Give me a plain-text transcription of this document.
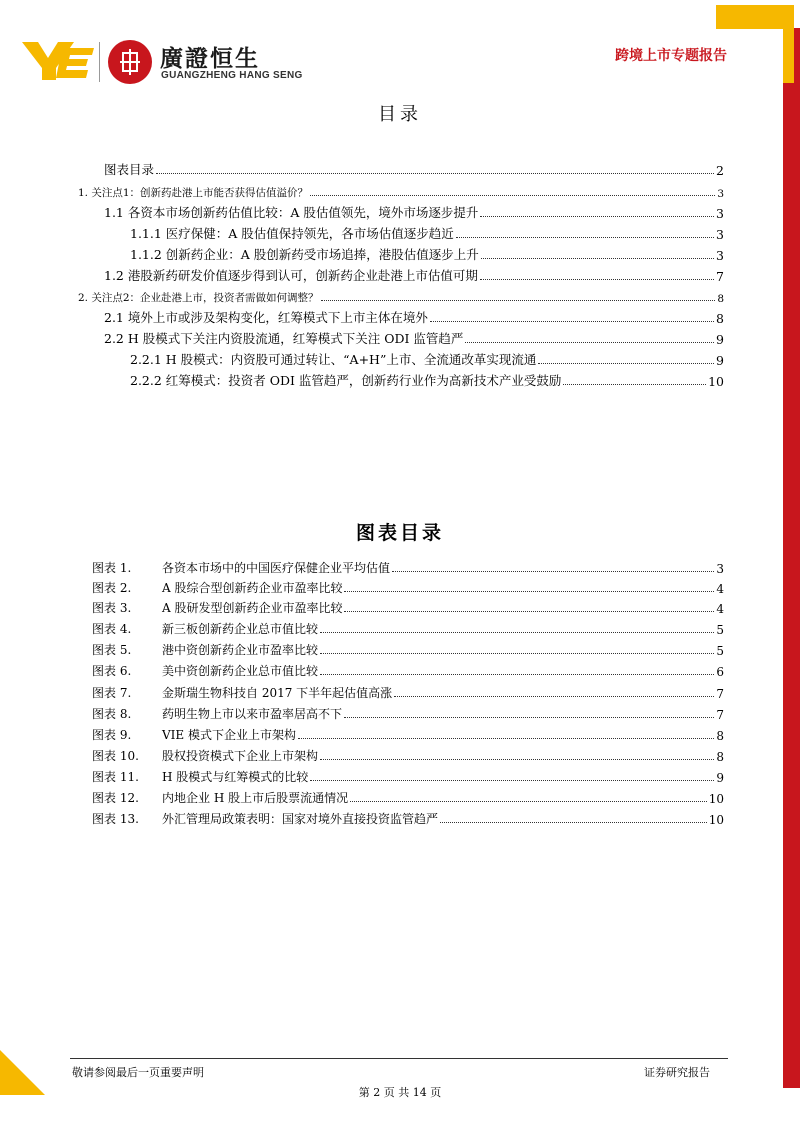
廣證恒生
GUANGZHENG HANG SENG
跨境上市专题报告
目录
图表目录	2
1. 关注点1：创新药赴港上市能否获得估值溢价？	3
1.1 各资本市场创新药估值比较：A 股估值领先，境外市场逐步提升	3
1.1.1 医疗保健：A 股估值保持领先，各市场估值逐步趋近	3
1.1.2 创新药企业：A 股创新药受市场追捧，港股估值逐步上升	3
1.2 港股新药研发价值逐步得到认可，创新药企业赴港上市估值可期	7
2. 关注点2：企业赴港上市，投资者需做如何调整？	8
2.1 境外上市或涉及架构变化，红筹模式下上市主体在境外	8
2.2 H 股模式下关注内资股流通，红筹模式下关注 ODI 监管趋严	9
2.2.1 H 股模式：内资股可通过转让、“A+H”上市、全流通改革实现流通	9
2.2.2 红筹模式：投资者 ODI 监管趋严，创新药行业作为高新技术产业受鼓励	10
图表目录
图表 1.	各资本市场中的中国医疗保健企业平均估值	3
图表 2.	A 股综合型创新药企业市盈率比较	4
图表 3.	A 股研发型创新药企业市盈率比较	4
图表 4.	新三板创新药企业总市值比较	5
图表 5.	港中资创新药企业市盈率比较	5
图表 6.	美中资创新药企业总市值比较	6
图表 7.	金斯瑞生物科技自 2017 下半年起估值高涨	7
图表 8.	药明生物上市以来市盈率居高不下	7
图表 9.	VIE 模式下企业上市架构	8
图表 10.	股权投资模式下企业上市架构	8
图表 11.	H 股模式与红筹模式的比较	9
图表 12.	内地企业 H 股上市后股票流通情况	10
图表 13.	外汇管理局政策表明：国家对境外直接投资监管趋严	10
敬请参阅最后一页重要声明	证券研究报告
第 2 页 共 14 页
